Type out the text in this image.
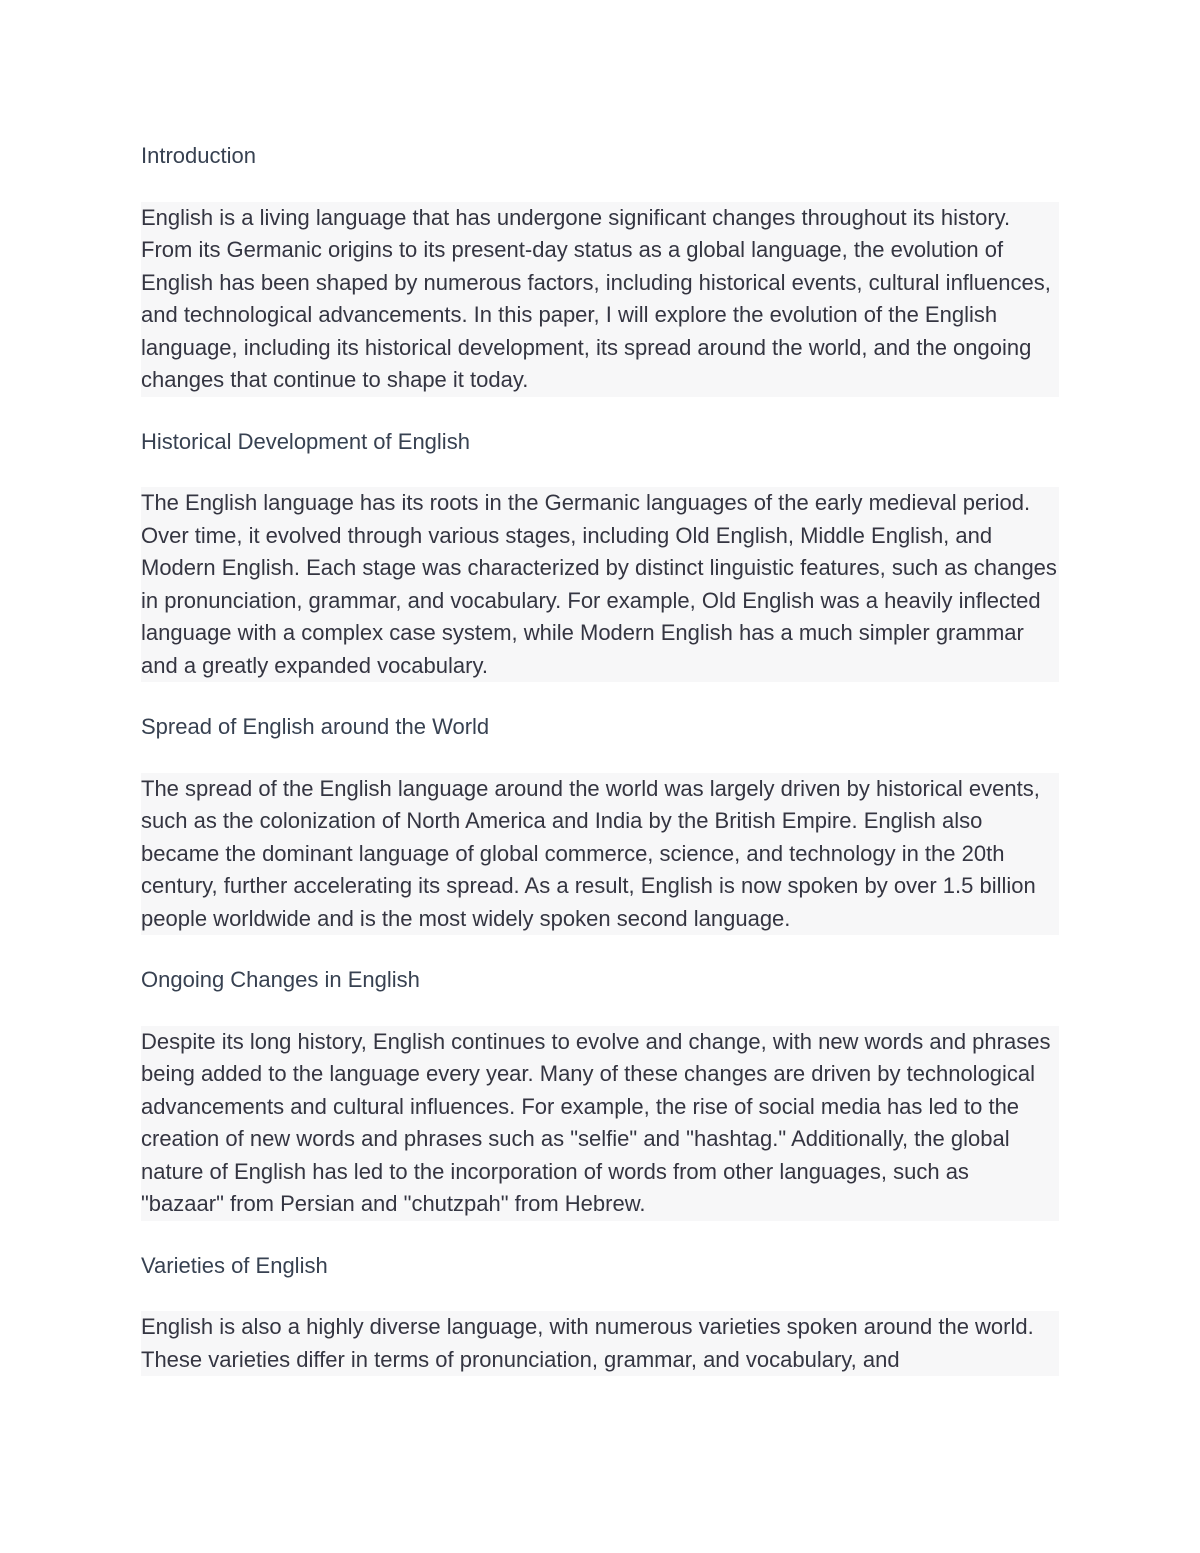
Introduction

English is a living language that has undergone significant changes throughout its history. From its Germanic origins to its present-day status as a global language, the evolution of English has been shaped by numerous factors, including historical events, cultural influences, and technological advancements. In this paper, I will explore the evolution of the English language, including its historical development, its spread around the world, and the ongoing changes that continue to shape it today.

Historical Development of English

The English language has its roots in the Germanic languages of the early medieval period. Over time, it evolved through various stages, including Old English, Middle English, and Modern English. Each stage was characterized by distinct linguistic features, such as changes in pronunciation, grammar, and vocabulary. For example, Old English was a heavily inflected language with a complex case system, while Modern English has a much simpler grammar and a greatly expanded vocabulary.

Spread of English around the World

The spread of the English language around the world was largely driven by historical events, such as the colonization of North America and India by the British Empire. English also became the dominant language of global commerce, science, and technology in the 20th century, further accelerating its spread. As a result, English is now spoken by over 1.5 billion people worldwide and is the most widely spoken second language.

Ongoing Changes in English

Despite its long history, English continues to evolve and change, with new words and phrases being added to the language every year. Many of these changes are driven by technological advancements and cultural influences. For example, the rise of social media has led to the creation of new words and phrases such as "selfie" and "hashtag." Additionally, the global nature of English has led to the incorporation of words from other languages, such as "bazaar" from Persian and "chutzpah" from Hebrew.

Varieties of English

English is also a highly diverse language, with numerous varieties spoken around the world. These varieties differ in terms of pronunciation, grammar, and vocabulary, and
